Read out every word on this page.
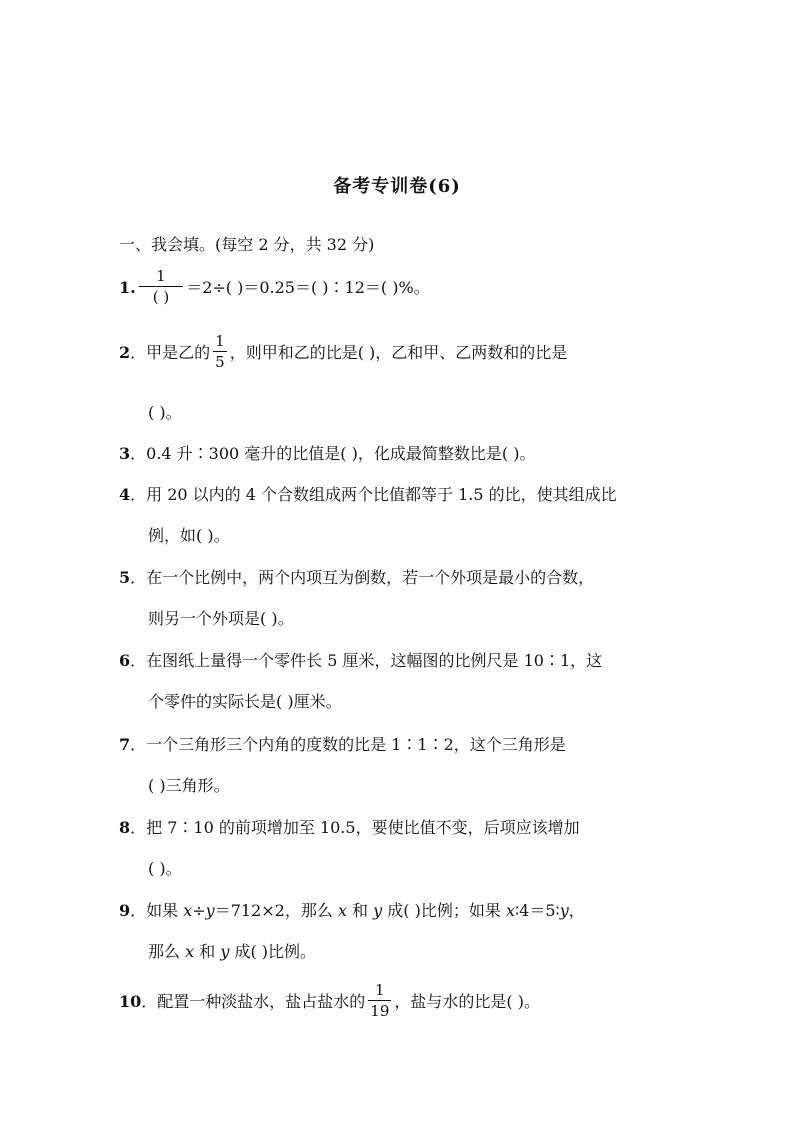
备考专训卷(6)
一、我会填。(每空 2 分，共 32 分)
1. $\frac{1}{( )} =2\div$( )＝0.25＝( )∶12＝( )%。
2．甲是乙的 $\frac{1}{5}$ ，则甲和乙的比是( )，乙和甲、乙两数和的比是
( )。
3．0.4 升∶300 毫升的比值是( )，化成最简整数比是( )。
4．用 20 以内的 4 个合数组成两个比值都等于 1.5 的比，使其组成比
例，如( )。
5．在一个比例中，两个内项互为倒数，若一个外项是最小的合数，
则另一个外项是( )。
6．在图纸上量得一个零件长 5 厘米，这幅图的比例尺是 10∶1，这
个零件的实际长是( )厘米。
7．一个三角形三个内角的度数的比是 1∶1∶2，这个三角形是
( )三角形。
8．把 7∶10 的前项增加至 10.5，要使比值不变，后项应该增加
( )。
9．如果 x÷y＝712×2，那么 x 和 y 成( )比例；如果 x∶4＝5∶y，
那么 x 和 y 成( )比例。
10．配置一种淡盐水，盐占盐水的 $\frac{1}{19}$ ，盐与水的比是( )。
